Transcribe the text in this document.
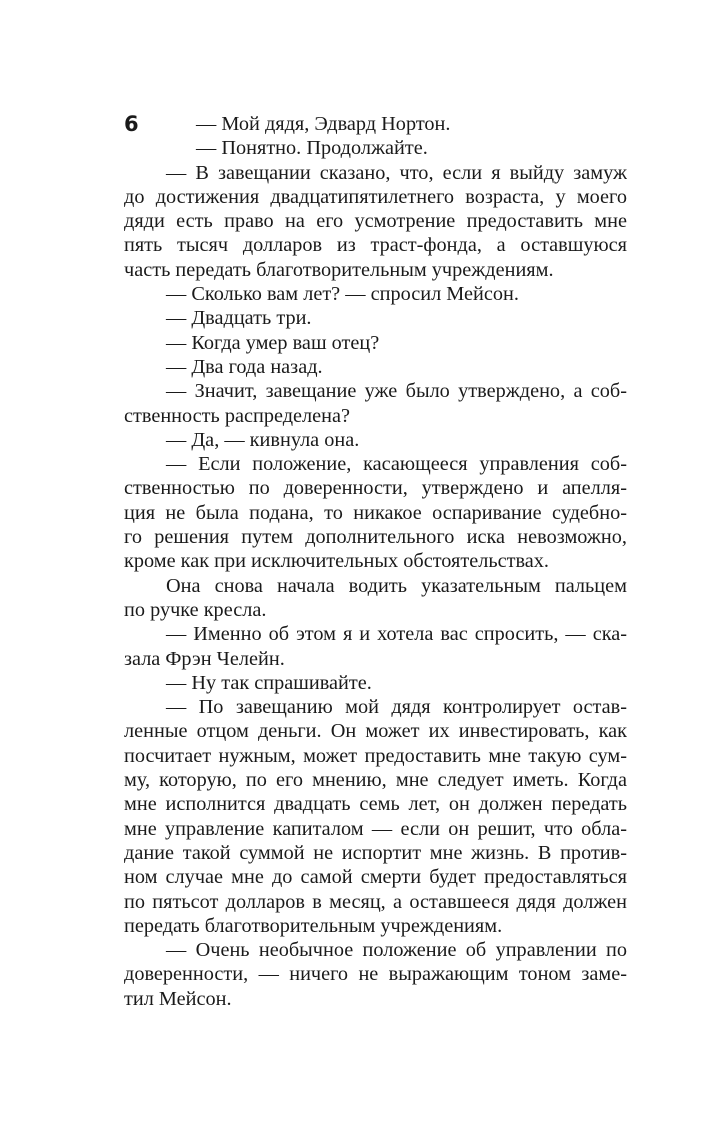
6	— Мой дядя, Эдвард Нортон.

— Понятно. Продолжайте.

— В завещании сказано, что, если я выйду замуж
до достижения двадцатипятилетнего возраста, у моего
дяди есть право на его усмотрение предоставить мне
пять тысяч долларов из траст-фонда, а оставшуюся
часть передать благотворительным учреждениям.

— Сколько вам лет? — спросил Мейсон.

— Двадцать три.

— Когда умер ваш отец?

— Два года назад.

— Значит, завещание уже было утверждено, а соб-
ственность распределена?

— Да, — кивнула она.

— Если положение, касающееся управления соб-
ственностью по доверенности, утверждено и апелля-
ция не была подана, то никакое оспаривание судебно-
го решения путем дополнительного иска невозможно,
кроме как при исключительных обстоятельствах.

Она снова начала водить указательным пальцем
по ручке кресла.

— Именно об этом я и хотела вас спросить, — ска-
зала Фрэн Челейн.

— Ну так спрашивайте.

— По завещанию мой дядя контролирует остав-
ленные отцом деньги. Он может их инвестировать, как
посчитает нужным, может предоставить мне такую сум-
му, которую, по его мнению, мне следует иметь. Когда
мне исполнится двадцать семь лет, он должен передать
мне управление капиталом — если он решит, что обла-
дание такой суммой не испортит мне жизнь. В против-
ном случае мне до самой смерти будет предоставляться
по пятьсот долларов в месяц, а оставшееся дядя должен
передать благотворительным учреждениям.

— Очень необычное положение об управлении по
доверенности, — ничего не выражающим тоном заме-
тил Мейсон.
